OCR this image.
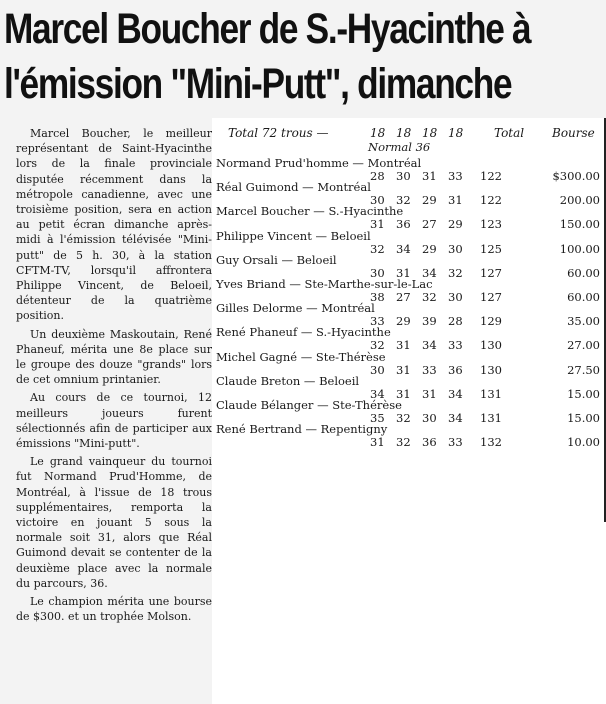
Marcel Boucher de S.-Hyacinthe à
l'émission "Mini-Putt", dimanche

Marcel Boucher, le meilleur représentant de Saint-Hyacinthe lors de la finale provinciale disputée récemment dans la métropole canadienne, avec une troisième position, sera en action au petit écran dimanche après-midi à l'émission télévisée "Mini-putt" de 5 h. 30, à la station CFTM-TV, lorsqu'il affrontera Philippe Vincent, de Beloeil, détenteur de la quatrième position.

Un deuxième Maskoutain, René Phaneuf, mérita une 8e place sur le groupe des douze "grands" lors de cet omnium printanier.

Au cours de ce tournoi, 12 meilleurs joueurs furent sélectionnés afin de participer aux émissions "Mini-putt".

Le grand vainqueur du tournoi fut Normand Prud'Homme, de Montréal, à l'issue de 18 trous supplémentaires, remporta la victoire en jouant 5 sous la normale soit 31, alors que Réal Guimond devait se contenter de la deuxième place avec la normale du parcours, 36.

Le champion mérita une bourse de $300. et un trophée Molson.

Total 72 trous —	18 18 18 18	Total Bourse
Normal 36
Normand Prud'homme — Montréal
28 30 31 33 122	$300.00
Réal Guimond — Montréal
30 32 29 31 122	200.00
Marcel Boucher — S.-Hyacinthe
31 36 27 29 123	150.00
Philippe Vincent — Beloeil
32 34 29 30 125	100.00
Guy Orsali — Beloeil
30 31 34 32 127	60.00
Yves Briand — Ste-Marthe-sur-le-Lac
38 27 32 30 127	60.00
Gilles Delorme — Montréal
33 29 39 28 129	35.00
René Phaneuf — S.-Hyacinthe
32 31 34 33 130	27.00
Michel Gagné — Ste-Thérèse
30 31 33 36 130	27.50
Claude Breton — Beloeil
34 31 31 34 131	15.00
Claude Bélanger — Ste-Thérèse
35 32 30 34 131	15.00
René Bertrand — Repentigny
31 32 36 33 132	10.00
